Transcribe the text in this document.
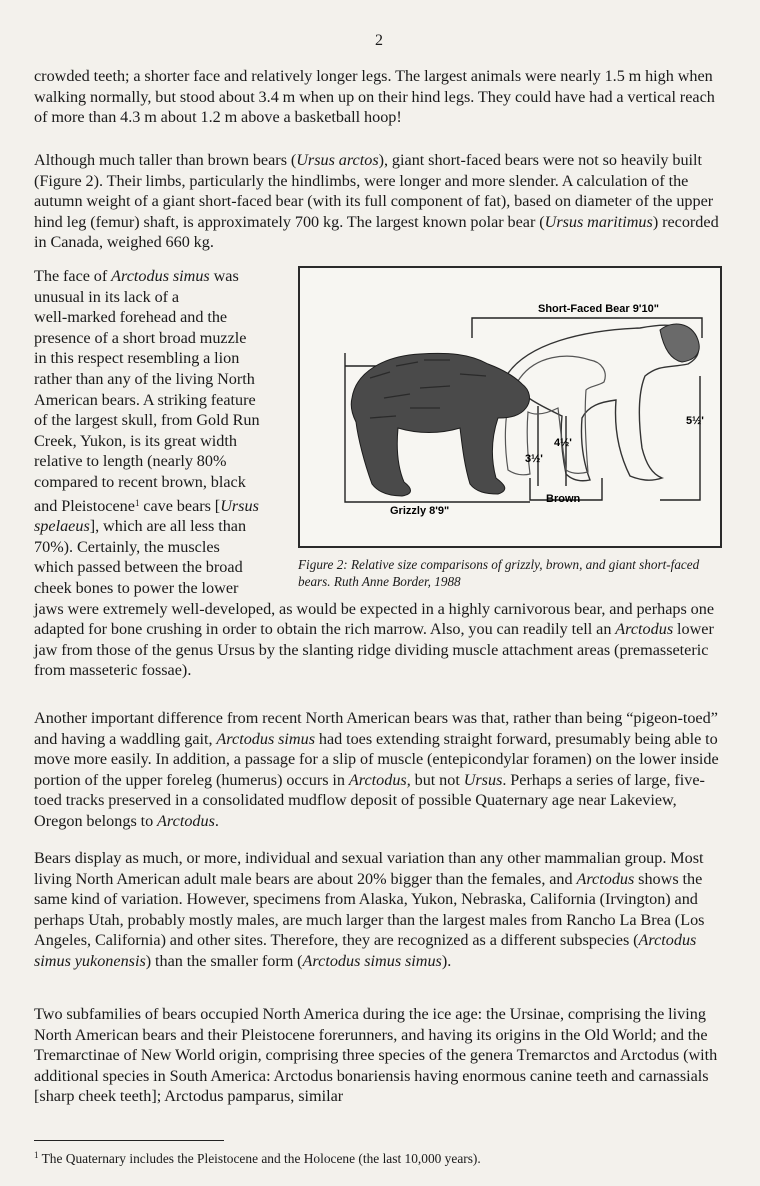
2

crowded teeth; a shorter face and relatively longer legs. The largest animals were nearly 1.5 m high when walking normally, but stood about 3.4 m when up on their hind legs. They could have had a vertical reach of more than 4.3 m about 1.2 m above a basketball hoop!

Although much taller than brown bears (Ursus arctos), giant short-faced bears were not so heavily built (Figure 2). Their limbs, particularly the hindlimbs, were longer and more slender. A calculation of the autumn weight of a giant short-faced bear (with its full component of fat), based on diameter of the upper hind leg (femur) shaft, is approximately 700 kg. The largest known polar bear (Ursus maritimus) recorded in Canada, weighed 660 kg.

The face of Arctodus simus was
unusual in its lack of a
well-marked forehead and the
presence of a short broad muzzle
in this respect resembling a lion
rather than any of the living North
American bears. A striking feature
of the largest skull, from Gold Run
Creek, Yukon, is its great width
relative to length (nearly 80%
compared to recent brown, black
and Pleistocene$^1$ cave bears [Ursus
spelaeus], which are all less than
70%). Certainly, the muscles
which passed between the broad
cheek bones to power the lower

jaws were extremely well-developed, as would be expected in a highly carnivorous bear, and perhaps one adapted for bone crushing in order to obtain the rich marrow. Also, you can readily tell an Arctodus lower jaw from those of the genus Ursus by the slanting ridge dividing muscle attachment areas (premasseteric from masseteric fossae).

Short-Faced Bear 9'10"
Grizzly 8'9"
Brown
3½'
4½'
5½'
Figure 2: Relative size comparisons of grizzly, brown, and giant short-faced bears. Ruth Anne Border, 1988

Another important difference from recent North American bears was that, rather than being “pigeon-toed” and having a waddling gait, Arctodus simus had toes extending straight forward, presumably being able to move more easily. In addition, a passage for a slip of muscle (entepicondylar foramen) on the lower inside portion of the upper foreleg (humerus) occurs in Arctodus, but not Ursus. Perhaps a series of large, five-toed tracks preserved in a consolidated mudflow deposit of possible Quaternary age near Lakeview, Oregon belongs to Arctodus.

Bears display as much, or more, individual and sexual variation than any other mammalian group. Most living North American adult male bears are about 20% bigger than the females, and Arctodus shows the same kind of variation. However, specimens from Alaska, Yukon, Nebraska, California (Irvington) and perhaps Utah, probably mostly males, are much larger than the largest males from Rancho La Brea (Los Angeles, California) and other sites. Therefore, they are recognized as a different subspecies (Arctodus simus yukonensis) than the smaller form (Arctodus simus simus).

Two subfamilies of bears occupied North America during the ice age: the Ursinae, comprising the living North American bears and their Pleistocene forerunners, and having its origins in the Old World; and the Tremarctinae of New World origin, comprising three species of the genera Tremarctos and Arctodus (with additional species in South America: Arctodus bonariensis having enormous canine teeth and carnassials [sharp cheek teeth]; Arctodus pamparus, similar

$^1$ The Quaternary includes the Pleistocene and the Holocene (the last 10,000 years).
